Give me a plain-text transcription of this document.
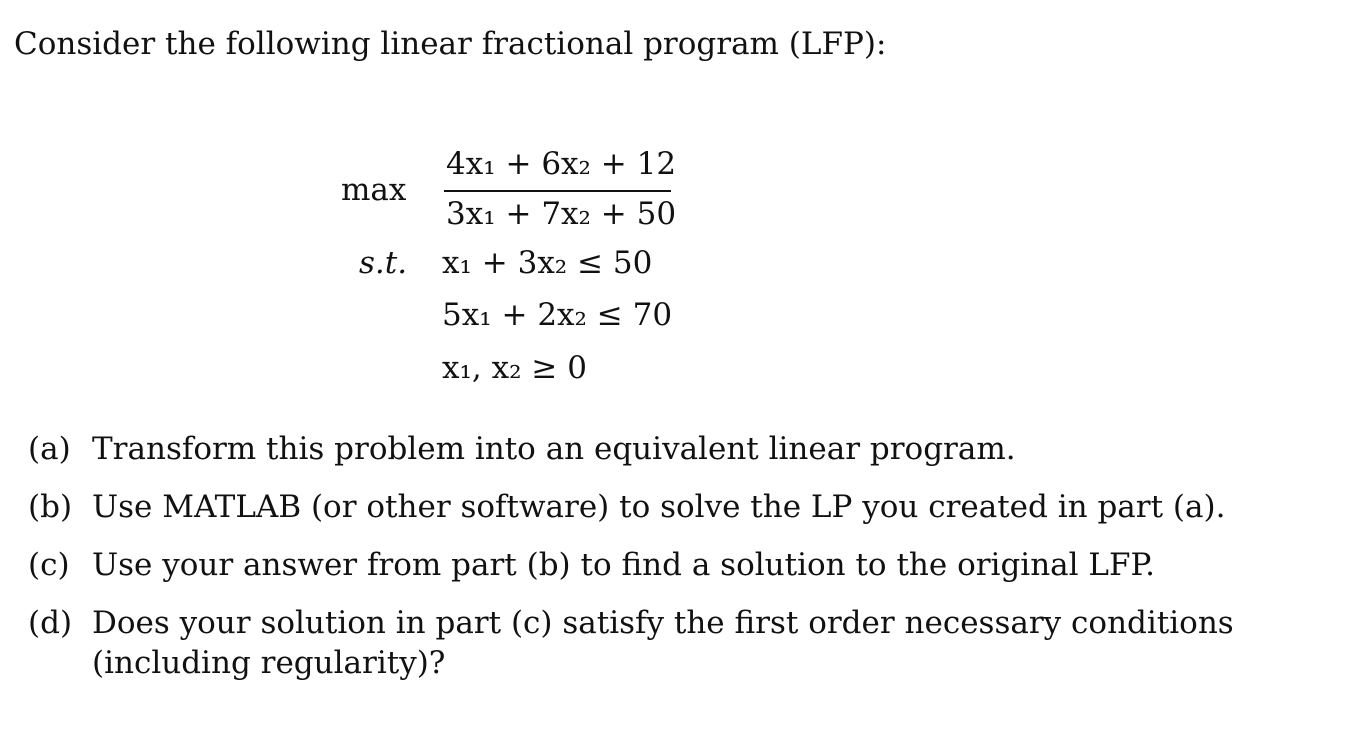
Consider the following linear fractional program (LFP):
max
s.t.
4x₁ + 6x₂ + 12
3x₁ + 7x₂ + 50
x₁ + 3x₂ ≤ 50
5x₁ + 2x₂ ≤ 70
x₁, x₂ ≥ 0
(a) Transform this problem into an equivalent linear program.
(b) Use MATLAB (or other software) to solve the LP you created in part (a).
(c) Use your answer from part (b) to find a solution to the original LFP.
(d) Does your solution in part (c) satisfy the first order necessary conditions (including regularity)?
